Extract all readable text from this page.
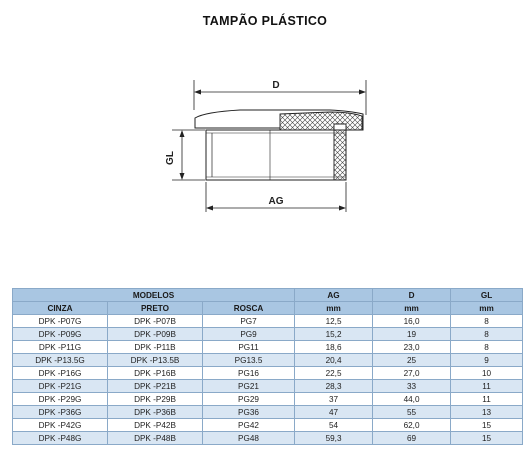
TAMPÃO PLÁSTICO
D
GL
AG
MODELOS			AG	D	GL
CINZA	PRETO	ROSCA	mm	mm	mm
DPK -P07G	DPK -P07B	PG7	12,5	16,0	8
DPK -P09G	DPK -P09B	PG9	15,2	19	8
DPK -P11G	DPK -P11B	PG11	18,6	23,0	8
DPK -P13.5G	DPK -P13.5B	PG13.5	20,4	25	9
DPK -P16G	DPK -P16B	PG16	22,5	27,0	10
DPK -P21G	DPK -P21B	PG21	28,3	33	11
DPK -P29G	DPK -P29B	PG29	37	44,0	11
DPK -P36G	DPK -P36B	PG36	47	55	13
DPK -P42G	DPK -P42B	PG42	54	62,0	15
DPK -P48G	DPK -P48B	PG48	59,3	69	15
